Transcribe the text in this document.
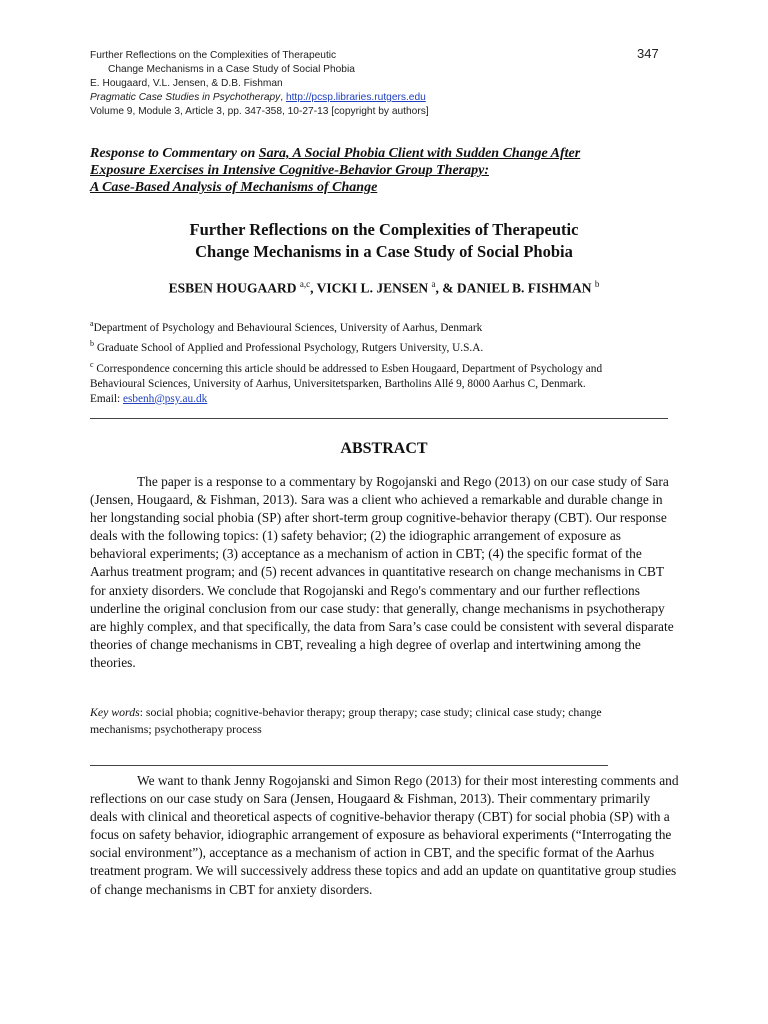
Further Reflections on the Complexities of Therapeutic
Change Mechanisms in a Case Study of Social Phobia
E. Hougaard, V.L. Jensen, & D.B. Fishman
Pragmatic Case Studies in Psychotherapy, http://pcsp.libraries.rutgers.edu
Volume 9, Module 3, Article 3, pp. 347-358, 10-27-13 [copyright by authors]
347
Response to Commentary on Sara, A Social Phobia Client with Sudden Change After
Exposure Exercises in Intensive Cognitive-Behavior Group Therapy:
A Case-Based Analysis of Mechanisms of Change
Further Reflections on the Complexities of Therapeutic
Change Mechanisms in a Case Study of Social Phobia
ESBEN HOUGAARD $^{a,c}$, VICKI L. JENSEN $^a$, & DANIEL B. FISHMAN $^b$
$^a$Department of Psychology and Behavioural Sciences, University of Aarhus, Denmark
$^b$ Graduate School of Applied and Professional Psychology, Rutgers University, U.S.A.
$^c$ Correspondence concerning this article should be addressed to Esben Hougaard, Department of Psychology and
Behavioural Sciences, University of Aarhus, Universitetsparken, Bartholins Allé 9, 8000 Aarhus C, Denmark.
Email: esbenh@psy.au.dk
ABSTRACT

The paper is a response to a commentary by Rogojanski and Rego (2013) on our case study of Sara (Jensen, Hougaard, & Fishman, 2013). Sara was a client who achieved a remarkable and durable change in her longstanding social phobia (SP) after short-term group cognitive-behavior therapy (CBT). Our response deals with the following topics: (1) safety behavior; (2) the idiographic arrangement of exposure as behavioral experiments; (3) acceptance as a mechanism of action in CBT; (4) the specific format of the Aarhus treatment program; and (5) recent advances in quantitative research on change mechanisms in CBT for anxiety disorders. We conclude that Rogojanski and Rego's commentary and our further reflections underline the original conclusion from our case study: that generally, change mechanisms in psychotherapy are highly complex, and that specifically, the data from Sara’s case could be consistent with several disparate theories of change mechanisms in CBT, revealing a high degree of overlap and intertwining among the theories.

Key words: social phobia; cognitive-behavior therapy; group therapy; case study; clinical case study; change mechanisms; psychotherapy process

We want to thank Jenny Rogojanski and Simon Rego (2013) for their most interesting comments and reflections on our case study on Sara (Jensen, Hougaard & Fishman, 2013). Their commentary primarily deals with clinical and theoretical aspects of cognitive-behavior therapy (CBT) for social phobia (SP) with a focus on safety behavior, idiographic arrangement of exposure as behavioral experiments (“Interrogating the social environment”), acceptance as a mechanism of action in CBT, and the specific format of the Aarhus treatment program. We will successively address these topics and add an update on quantitative group studies of change mechanisms in CBT for anxiety disorders.
